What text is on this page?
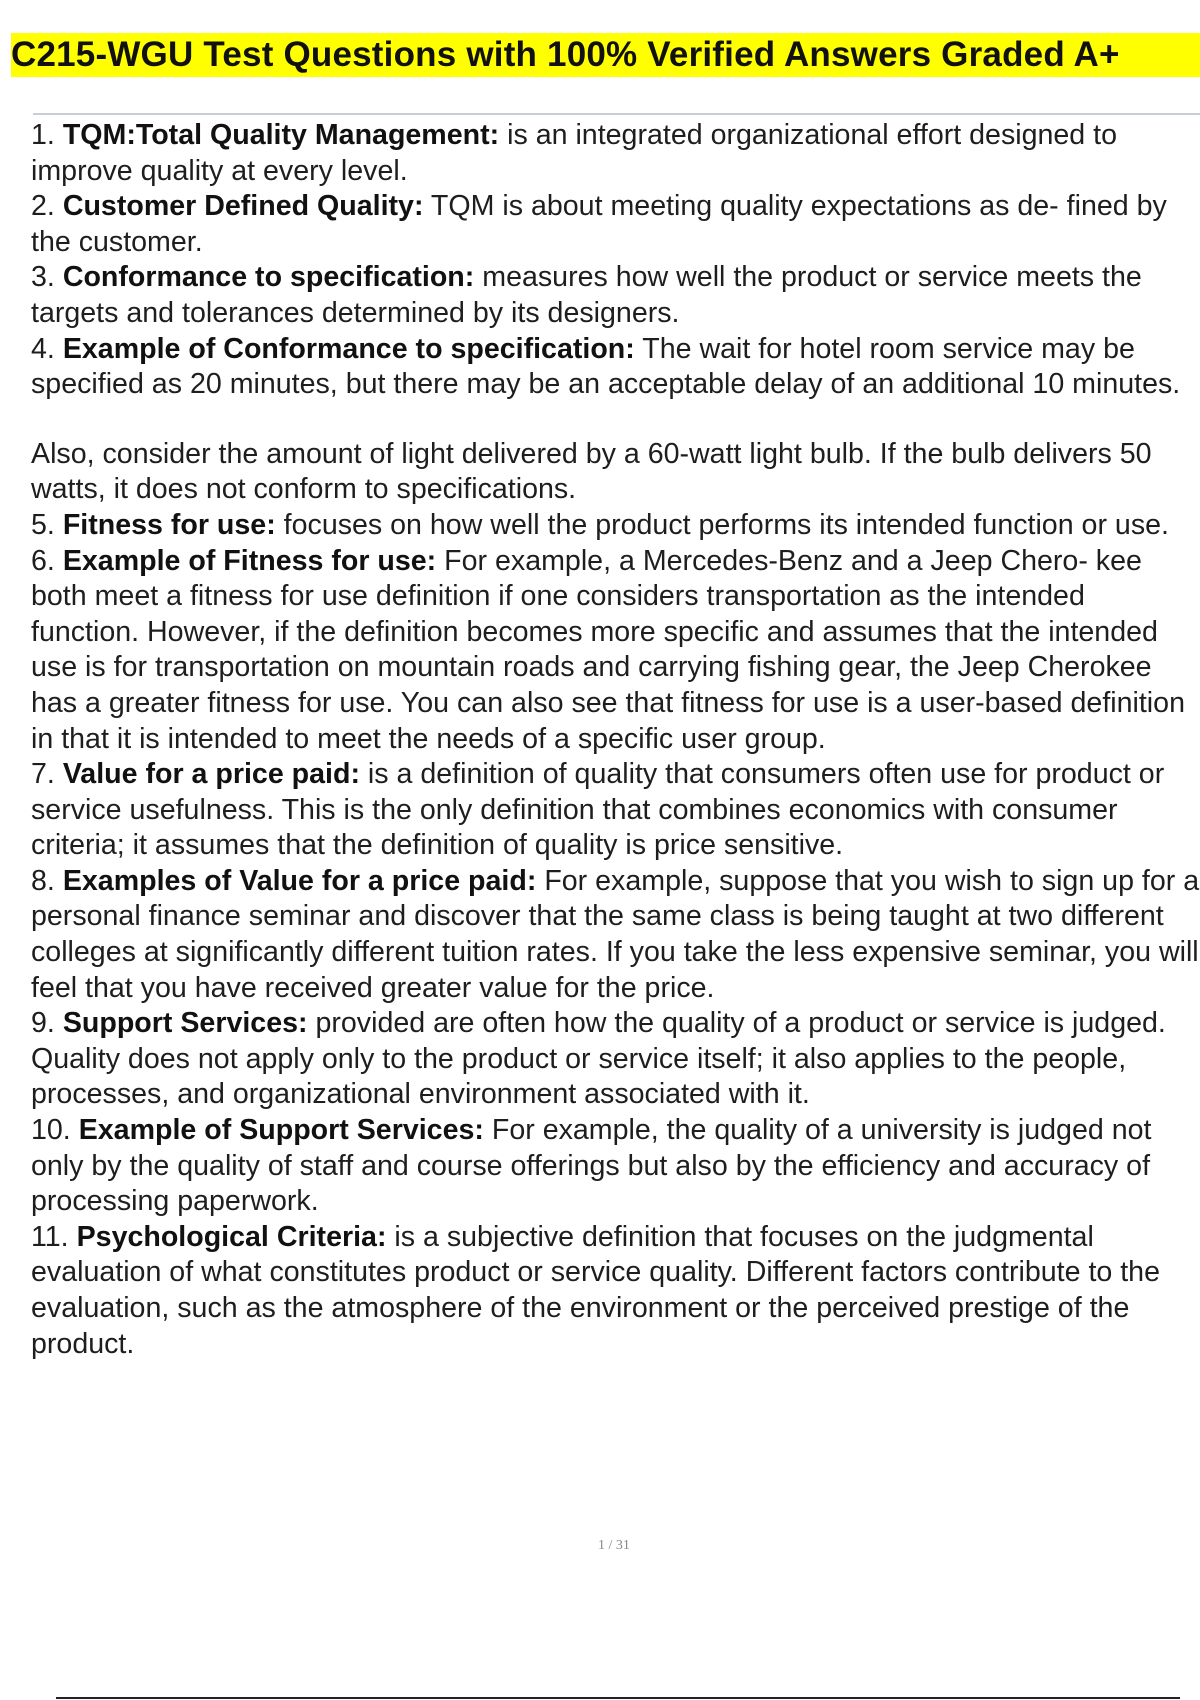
C215-WGU Test Questions with 100% Verified Answers Graded A+

1. TQM:Total Quality Management: is an integrated organizational effort designed to improve quality at every level.

2. Customer Defined Quality: TQM is about meeting quality expectations as de- fined by the customer.

3. Conformance to specification: measures how well the product or service meets the targets and tolerances determined by its designers.

4. Example of Conformance to specification: The wait for hotel room service may be specified as 20 minutes, but there may be an acceptable delay of an additional 10 minutes.

Also, consider the amount of light delivered by a 60-watt light bulb. If the bulb delivers 50 watts, it does not conform to specifications.

5. Fitness for use: focuses on how well the product performs its intended function or use.

6. Example of Fitness for use: For example, a Mercedes-Benz and a Jeep Chero- kee both meet a fitness for use definition if one considers transportation as the intended function. However, if the definition becomes more specific and assumes that the intended use is for transportation on mountain roads and carrying fishing gear, the Jeep Cherokee has a greater fitness for use. You can also see that fitness for use is a user-based definition in that it is intended to meet the needs of a specific user group.

7. Value for a price paid: is a definition of quality that consumers often use for product or service usefulness. This is the only definition that combines economics with consumer criteria; it assumes that the definition of quality is price sensitive.

8. Examples of Value for a price paid: For example, suppose that you wish to sign up for a personal finance seminar and discover that the same class is being taught at two different colleges at significantly different tuition rates. If you take the less expensive seminar, you will feel that you have received greater value for the price.

9. Support Services: provided are often how the quality of a product or service is judged. Quality does not apply only to the product or service itself; it also applies to the people, processes, and organizational environment associated with it.

10. Example of Support Services: For example, the quality of a university is judged not only by the quality of staff and course offerings but also by the efficiency and accuracy of processing paperwork.

11. Psychological Criteria: is a subjective definition that focuses on the judgmental evaluation of what constitutes product or service quality. Different factors contribute to the evaluation, such as the atmosphere of the environment or the perceived prestige of the product.

1 / 31
